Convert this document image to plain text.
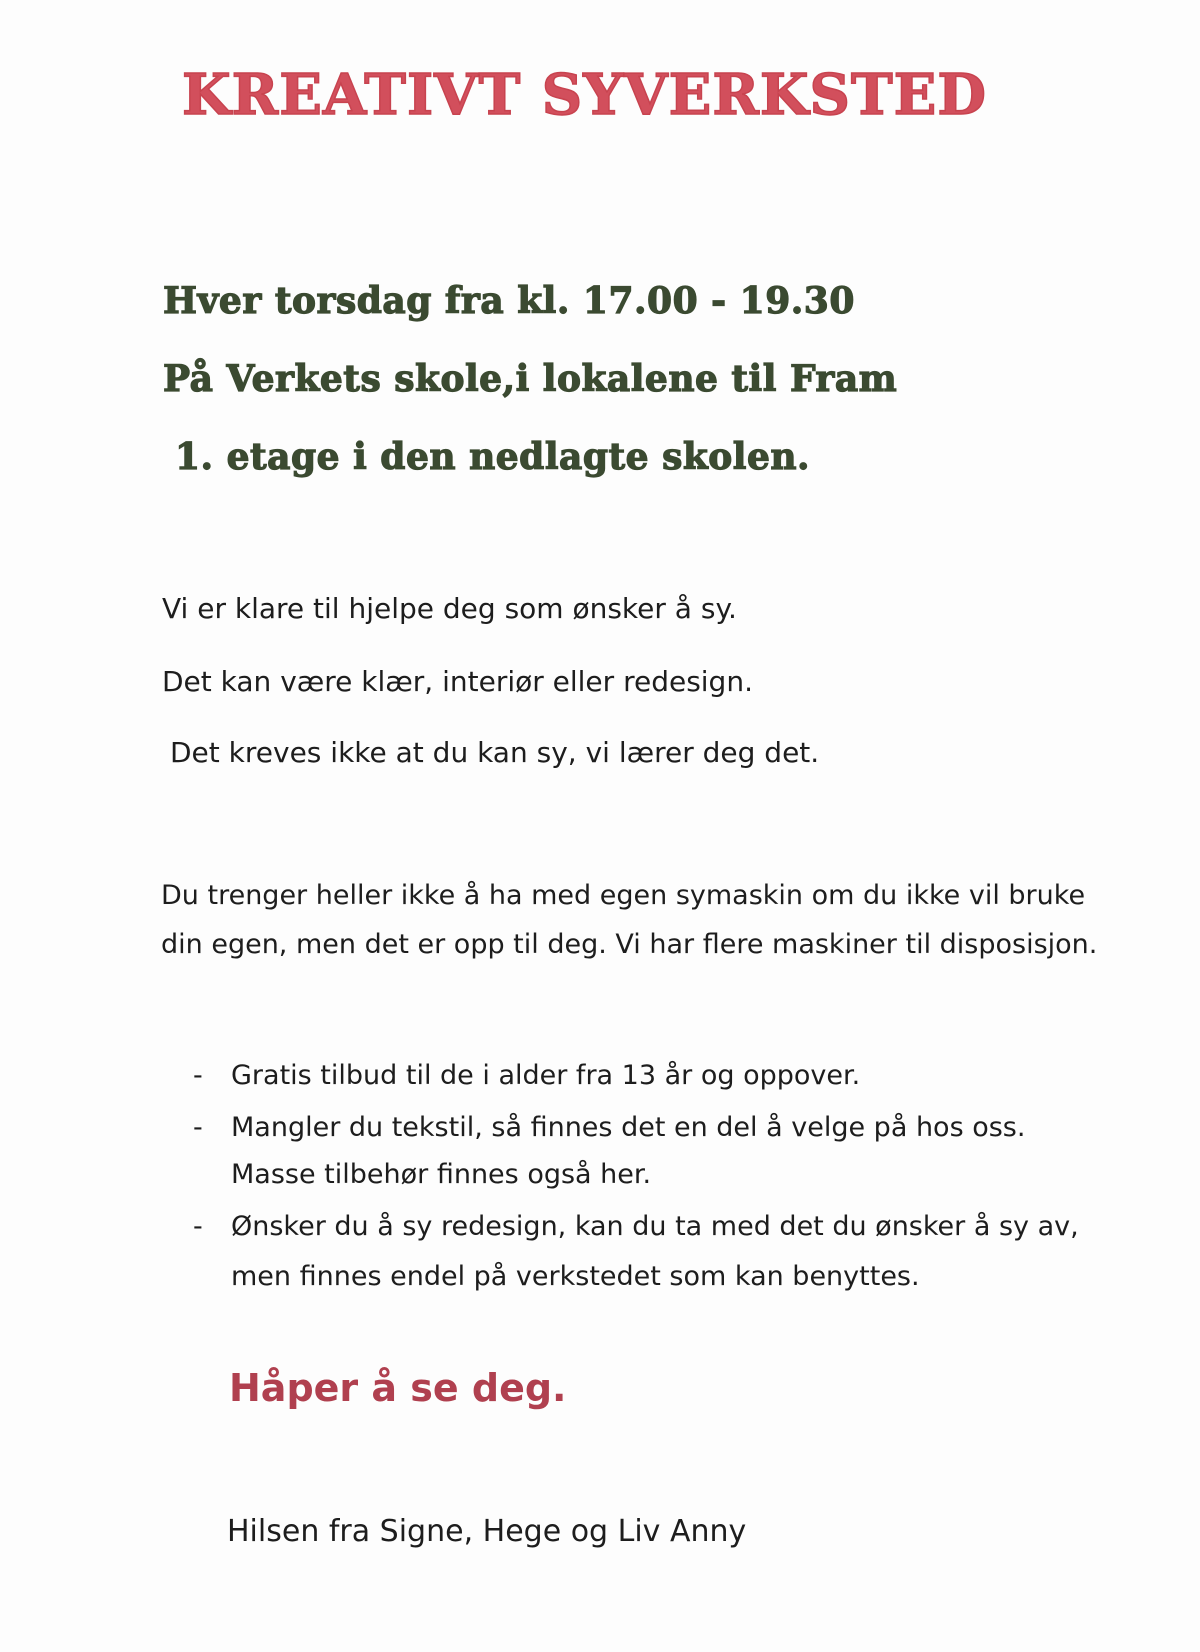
KREATIVT SYVERKSTED
Hver torsdag fra kl. 17.00 - 19.30
På Verkets skole,i lokalene til Fram
1. etage i den nedlagte skolen.
Vi er klare til hjelpe deg som ønsker å sy.
Det kan være klær, interiør eller redesign.
Det kreves ikke at du kan sy, vi lærer deg det.
Du trenger heller ikke å ha med egen symaskin om du ikke vil bruke
din egen, men det er opp til deg. Vi har flere maskiner til disposisjon.
- Gratis tilbud til de i alder fra 13 år og oppover.
- Mangler du tekstil, så finnes det en del å velge på hos oss.
Masse tilbehør finnes også her.
- Ønsker du å sy redesign, kan du ta med det du ønsker å sy av,
men finnes endel på verkstedet som kan benyttes.
Håper å se deg.
Hilsen fra Signe, Hege og Liv Anny
